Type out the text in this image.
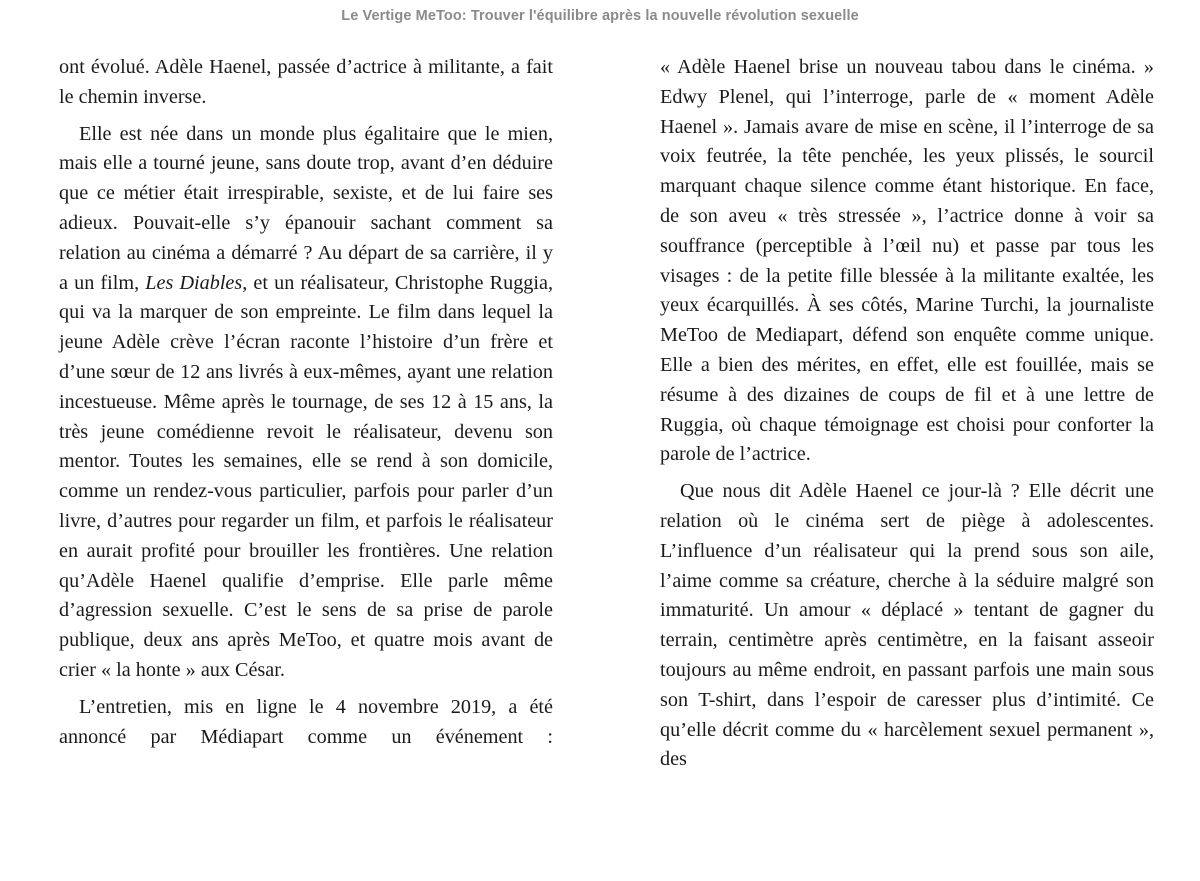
Le Vertige MeToo: Trouver l'équilibre après la nouvelle révolution sexuelle

ont évolué. Adèle Haenel, passée d’actrice à militante, a fait le chemin inverse.

Elle est née dans un monde plus égalitaire que le mien, mais elle a tourné jeune, sans doute trop, avant d’en déduire que ce métier était irrespirable, sexiste, et de lui faire ses adieux. Pouvait-elle s’y épanouir sachant comment sa relation au cinéma a démarré ? Au départ de sa carrière, il y a un film, Les Diables, et un réalisateur, Christophe Ruggia, qui va la marquer de son empreinte. Le film dans lequel la jeune Adèle crève l’écran raconte l’histoire d’un frère et d’une sœur de 12 ans livrés à eux-mêmes, ayant une relation incestueuse. Même après le tournage, de ses 12 à 15 ans, la très jeune comédienne revoit le réalisateur, devenu son mentor. Toutes les semaines, elle se rend à son domicile, comme un rendez-vous particulier, parfois pour parler d’un livre, d’autres pour regarder un film, et parfois le réalisateur en aurait profité pour brouiller les frontières. Une relation qu’Adèle Haenel qualifie d’emprise. Elle parle même d’agression sexuelle. C’est le sens de sa prise de parole publique, deux ans après MeToo, et quatre mois avant de crier « la honte » aux César.

L’entretien, mis en ligne le 4 novembre 2019, a été annoncé par Médiapart comme un événement :

« Adèle Haenel brise un nouveau tabou dans le cinéma. » Edwy Plenel, qui l’interroge, parle de « moment Adèle Haenel ». Jamais avare de mise en scène, il l’interroge de sa voix feutrée, la tête penchée, les yeux plissés, le sourcil marquant chaque silence comme étant historique. En face, de son aveu « très stressée », l’actrice donne à voir sa souffrance (perceptible à l’œil nu) et passe par tous les visages : de la petite fille blessée à la militante exaltée, les yeux écarquillés. À ses côtés, Marine Turchi, la journaliste MeToo de Mediapart, défend son enquête comme unique. Elle a bien des mérites, en effet, elle est fouillée, mais se résume à des dizaines de coups de fil et à une lettre de Ruggia, où chaque témoignage est choisi pour conforter la parole de l’actrice.

Que nous dit Adèle Haenel ce jour-là ? Elle décrit une relation où le cinéma sert de piège à adolescentes. L’influence d’un réalisateur qui la prend sous son aile, l’aime comme sa créature, cherche à la séduire malgré son immaturité. Un amour « déplacé » tentant de gagner du terrain, centimètre après centimètre, en la faisant asseoir toujours au même endroit, en passant parfois une main sous son T-shirt, dans l’espoir de caresser plus d’intimité. Ce qu’elle décrit comme du « harcèlement sexuel permanent », des
